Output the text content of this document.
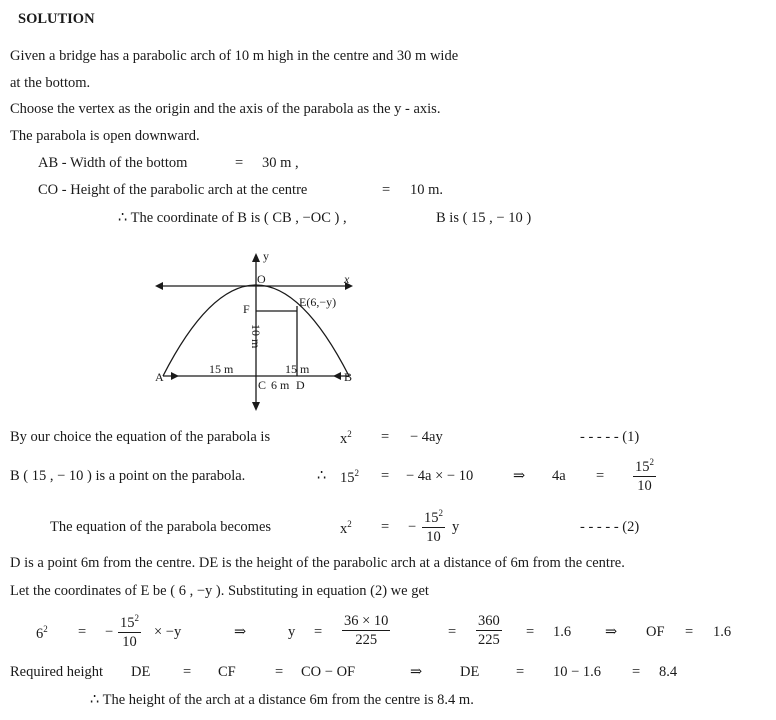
SOLUTION
Given a bridge has a parabolic arch of 10 m high in the centre and 30 m wide
at the bottom.
Choose the vertex as the origin and the axis of the parabola as the y - axis.
The parabola is open downward.
AB - Width of the bottom	= 30 m ,
CO - Height of the parabolic arch at the centre	= 10 m.
∴ The coordinate of B is ( CB , −OC ) ,	B is ( 15 , − 10 )
y
x
O
F	E(6,−y)
10 m
A	B
15 m	15 m
C 6 m D
By our choice the equation of the parabola is	$x^2$ = − 4ay	- - - - - (1)
B ( 15 , − 10 ) is a point on the parabola.	∴ $15^2$ = − 4a × − 10	⇒ $4a = \frac{15^2}{10}$
The equation of the parabola becomes	$x^2$ = − $\frac{15^2}{10}$ y	- - - - - (2)
D is a point 6m from the centre. DE is the height of the parabolic arch at a distance of 6m from the centre.
Let the coordinates of E be ( 6 , −y ). Substituting in equation (2) we get
$6^2$ = − $\frac{15^2}{10} \times -y$	⇒	$y = \frac{36 \times 10}{225}$	= $\frac{360}{225} = 1.6$ ⇒ OF = 1.6
Required height DE = CF	= CO − OF	⇒	DE	= 10 − 1.6 = 8.4
∴ The height of the arch at a distance 6m from the centre is 8.4 m.
